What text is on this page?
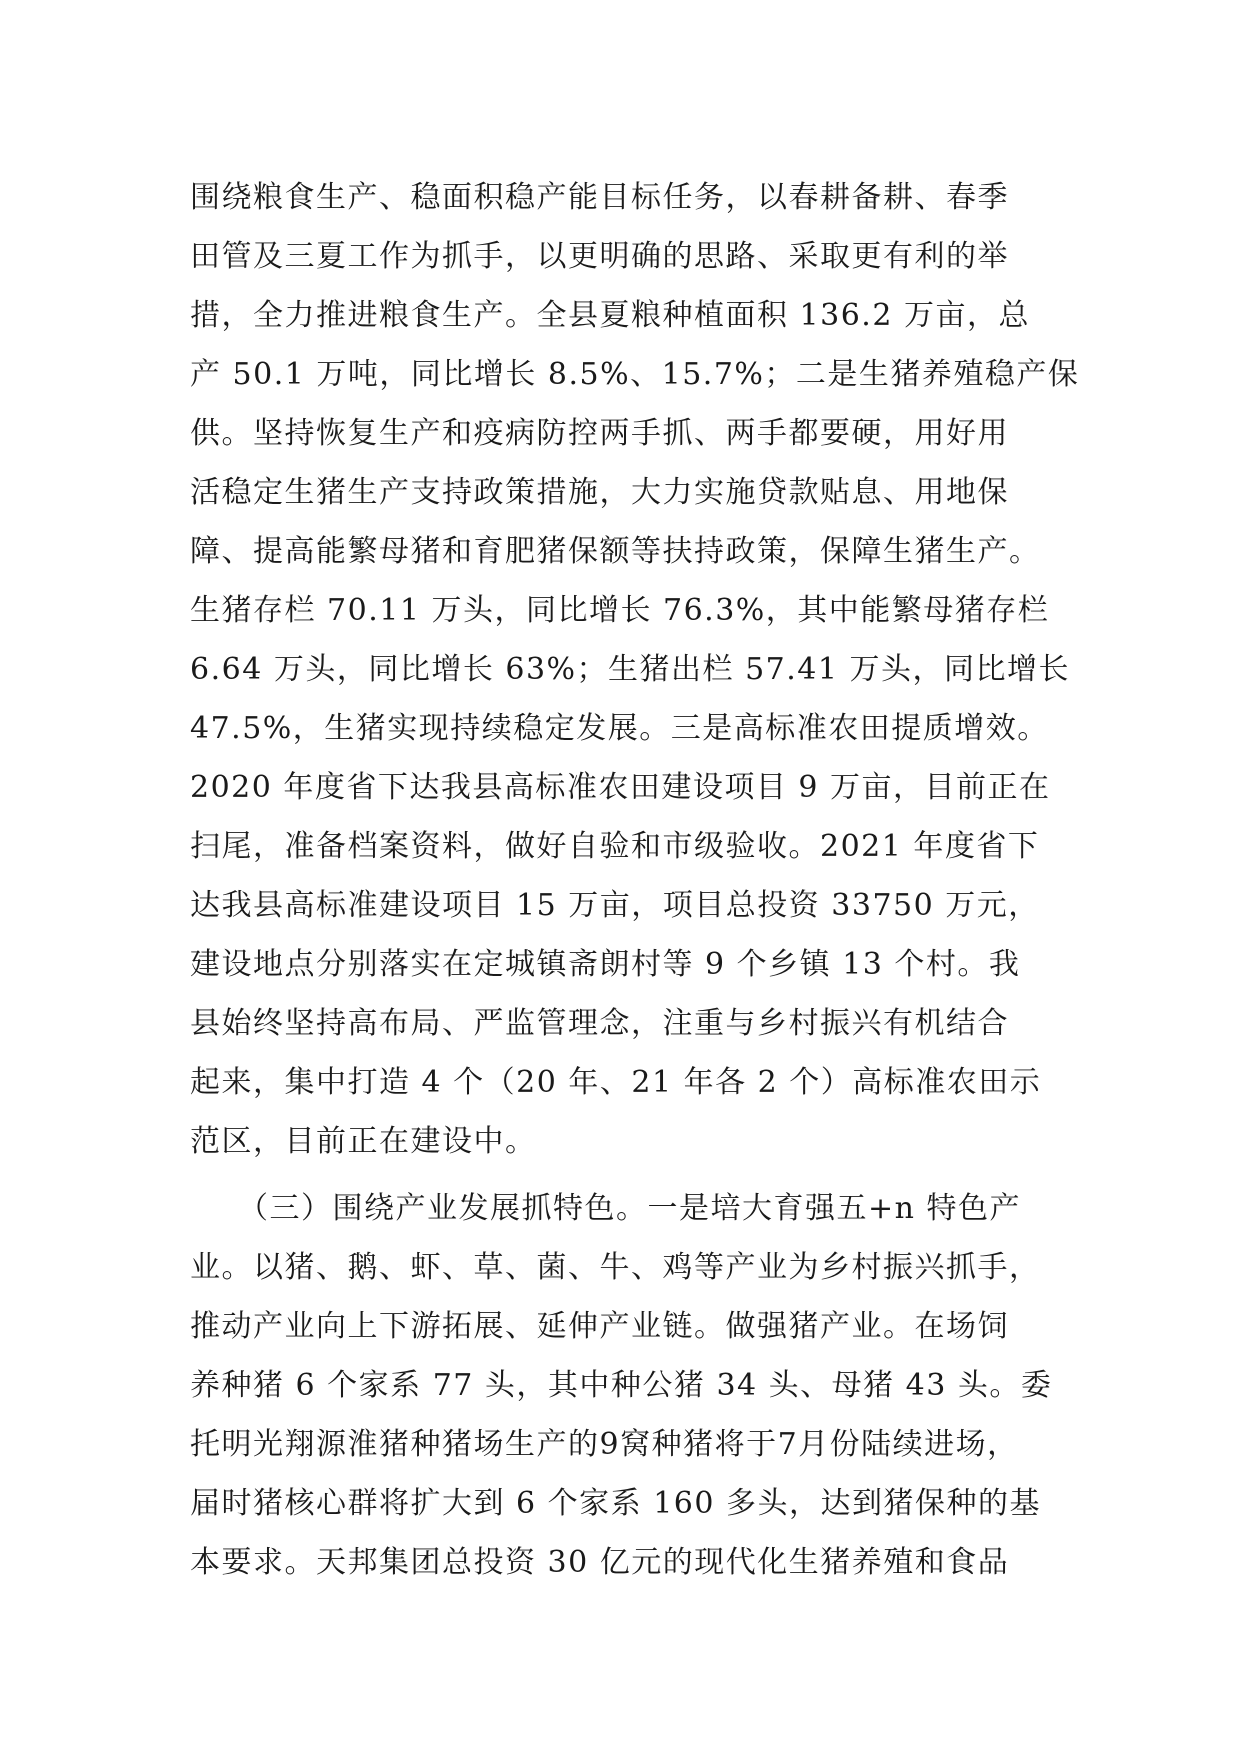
围绕粮食生产、稳面积稳产能目标任务，以春耕备耕、春季
田管及三夏工作为抓手，以更明确的思路、采取更有利的举
措，全力推进粮食生产。全县夏粮种植面积 136.2 万亩，总
产 50.1 万吨，同比增长 8.5%、15.7%；二是生猪养殖稳产保
供。坚持恢复生产和疫病防控两手抓、两手都要硬，用好用
活稳定生猪生产支持政策措施，大力实施贷款贴息、用地保
障、提高能繁母猪和育肥猪保额等扶持政策，保障生猪生产。
生猪存栏 70.11 万头，同比增长 76.3%，其中能繁母猪存栏
6.64 万头，同比增长 63%；生猪出栏 57.41 万头，同比增长
47.5%，生猪实现持续稳定发展。三是高标准农田提质增效。
2020 年度省下达我县高标准农田建设项目 9 万亩，目前正在
扫尾，准备档案资料，做好自验和市级验收。2021 年度省下
达我县高标准建设项目 15 万亩，项目总投资 33750 万元，
建设地点分别落实在定城镇斋朗村等 9 个乡镇 13 个村。我
县始终坚持高布局、严监管理念，注重与乡村振兴有机结合
起来，集中打造 4 个（20 年、21 年各 2 个）高标准农田示
范区，目前正在建设中。
　　（三）围绕产业发展抓特色。一是培大育强五+n 特色产
业。以猪、鹅、虾、草、菌、牛、鸡等产业为乡村振兴抓手，
推动产业向上下游拓展、延伸产业链。做强猪产业。在场饲
养种猪 6 个家系 77 头，其中种公猪 34 头、母猪 43 头。委
托明光翔源淮猪种猪场生产的9窝种猪将于7月份陆续进场，
届时猪核心群将扩大到 6 个家系 160 多头，达到猪保种的基
本要求。天邦集团总投资 30 亿元的现代化生猪养殖和食品
